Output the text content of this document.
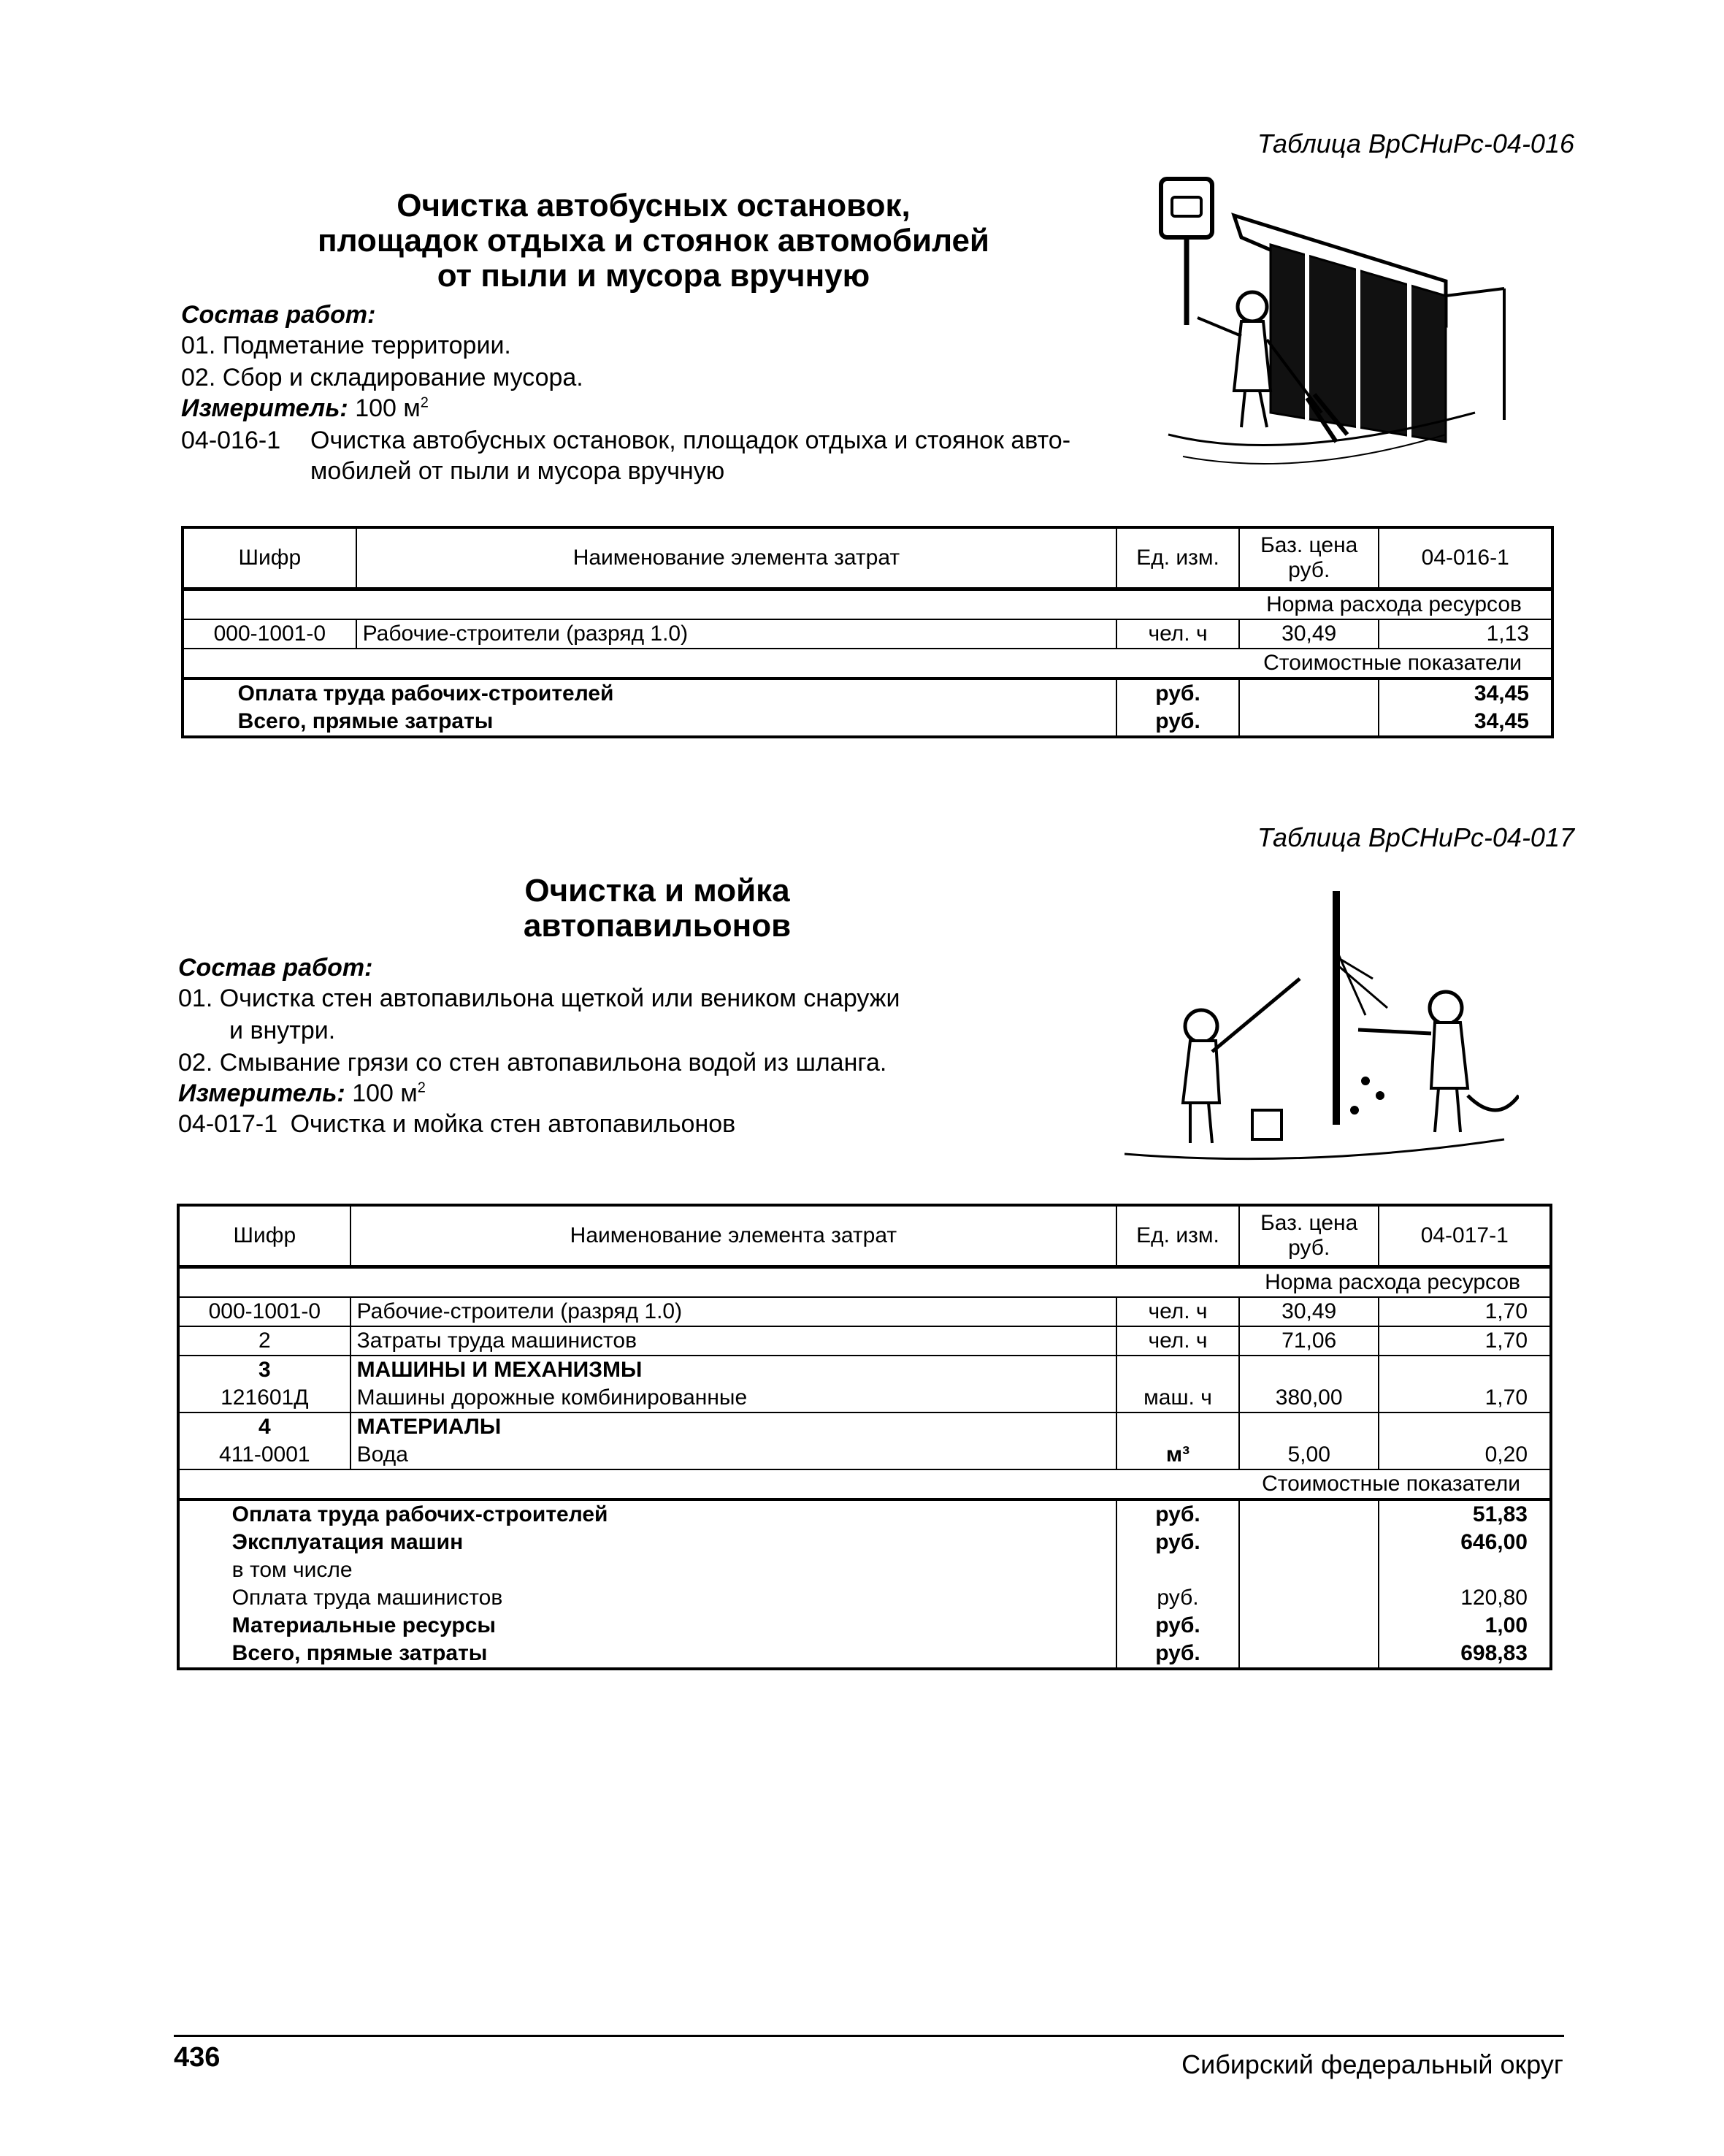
Таблица ВрСНиРс-04-016
Очистка автобусных остановок,
площадок отдыха и стоянок автомобилей
от пыли и мусора вручную
Состав работ:
01. Подметание территории.
02. Сбор и складирование мусора.
Измеритель: 100 $м^2$
04-016-1 Очистка автобусных остановок, площадок отдыха и стоянок авто-
мобилей от пыли и мусора вручную
Шифр	Наименование элемента затрат	Ед. изм.	Баз. цена руб.	04-016-1
Норма расхода ресурсов
000-1001-0	Рабочие-строители (разряд 1.0)	чел. ч	30,49	1,13
Стоимостные показатели
	Оплата труда рабочих-строителей	руб.		34,45
	Всего, прямые затраты	руб.		34,45
Таблица ВрСНиРс-04-017
Очистка и мойка
автопавильонов
Состав работ:
01. Очистка стен автопавильона щеткой или веником снаружи
и внутри.
02. Смывание грязи со стен автопавильона водой из шланга.
Измеритель: 100 $м^2$
04-017-1 Очистка и мойка стен автопавильонов
Шифр	Наименование элемента затрат	Ед. изм.	Баз. цена руб.	04-017-1
Норма расхода ресурсов
000-1001-0	Рабочие-строители (разряд 1.0)	чел. ч	30,49	1,70
2	Затраты труда машинистов	чел. ч	71,06	1,70
3	МАШИНЫ И МЕХАНИЗМЫ			
121601Д	Машины дорожные комбинированные	маш. ч	380,00	1,70
4	МАТЕРИАЛЫ			
411-0001	Вода	м³	5,00	0,20
Стоимостные показатели
	Оплата труда рабочих-строителей	руб.		51,83
	Эксплуатация машин	руб.		646,00
	в том числе			
	Оплата труда машинистов	руб.		120,80
	Материальные ресурсы	руб.		1,00
	Всего, прямые затраты	руб.		698,83
436	Сибирский федеральный округ
